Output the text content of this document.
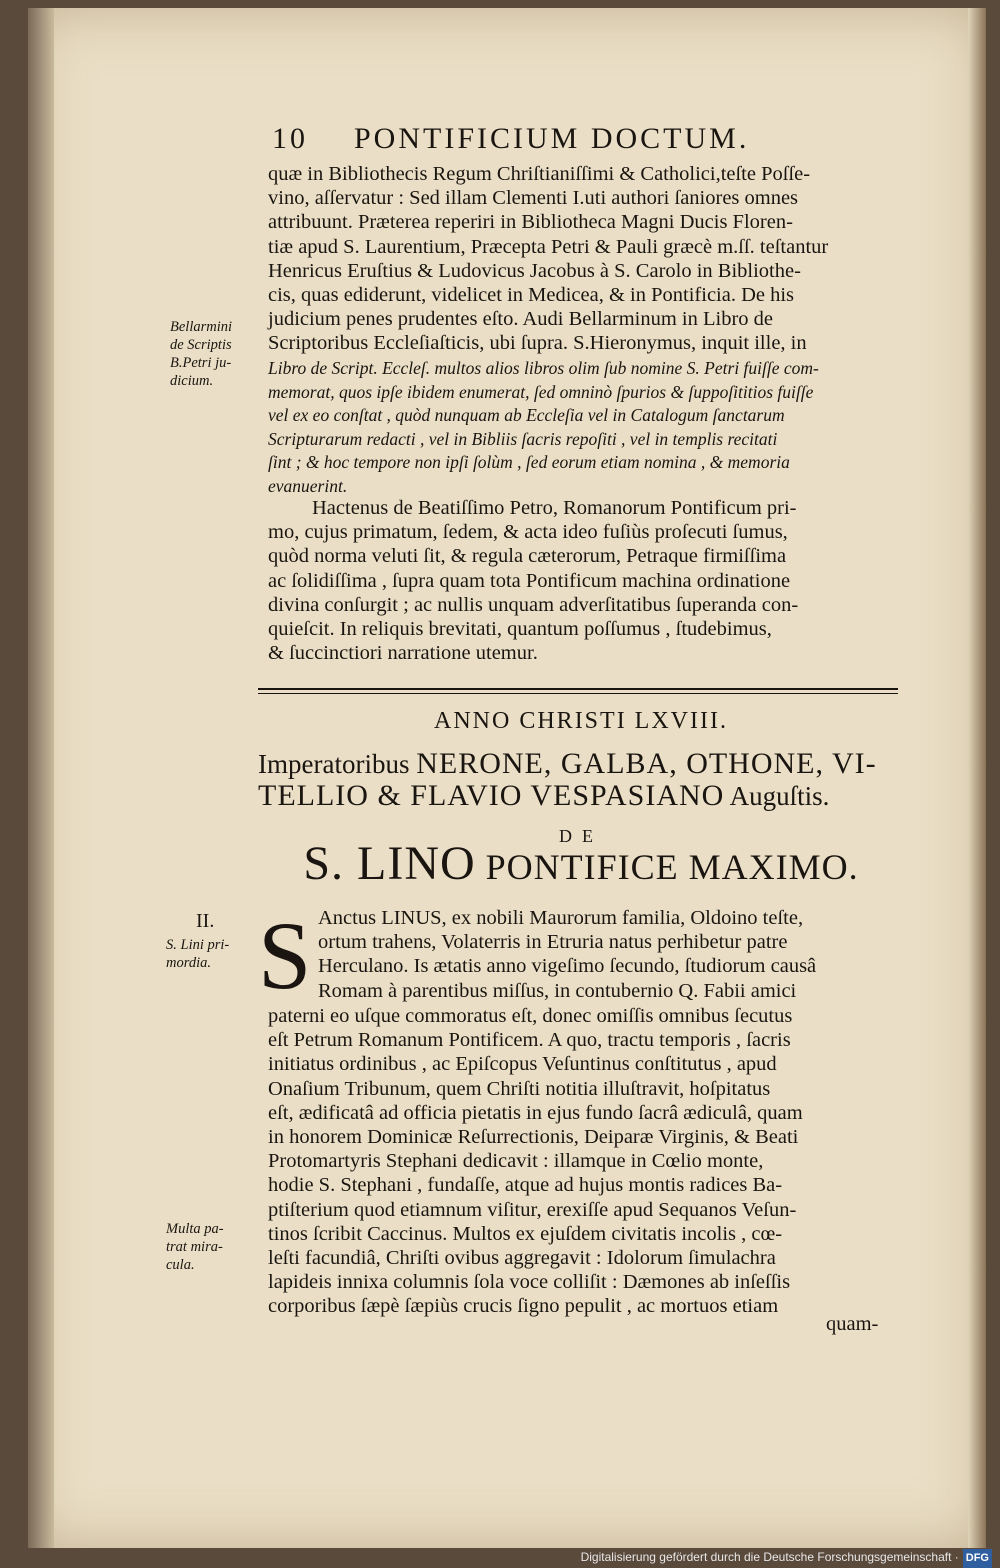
10 PONTIFICIUM DOCTUM.
quæ in Bibliothecis Regum Chriſtianiſſimi & Catholici,teſte Poſſe-
vino, aſſervatur : Sed illam Clementi I.uti authori ſaniores omnes
attribuunt. Præterea reperiri in Bibliotheca Magni Ducis Floren-
tiæ apud S. Laurentium, Præcepta Petri & Pauli græcè m.ſſ. teſtantur
Henricus Eruſtius & Ludovicus Jacobus à S. Carolo in Bibliothe-
cis, quas ediderunt, videlicet in Medicea, & in Pontificia. De his
judicium penes prudentes eſto. Audi Bellarminum in Libro de
Scriptoribus Eccleſiaſticis, ubi ſupra. S.Hieronymus, inquit ille, in
Libro de Script. Eccleſ. multos alios libros olim ſub nomine S. Petri fuiſſe com-
memorat, quos ipſe ibidem enumerat, ſed omninò ſpurios & ſuppoſititios fuiſſe
vel ex eo conſtat , quòd nunquam ab Eccleſia vel in Catalogum ſanctarum
Scripturarum redacti , vel in Bibliis ſacris repoſiti , vel in templis recitati
ſint ; & hoc tempore non ipſi ſolùm , ſed eorum etiam nomina , & memoria
evanuerint.
Bellarmini
de Scriptis
B.Petri ju-
dicium.
Hactenus de Beatiſſimo Petro, Romanorum Pontificum pri-
mo, cujus primatum, ſedem, & acta ideo fuſiùs proſecuti ſumus,
quòd norma veluti ſit, & regula cæterorum, Petraque firmiſſima
ac ſolidiſſima , ſupra quam tota Pontificum machina ordinatione
divina conſurgit ; ac nullis unquam adverſitatibus ſuperanda con-
quieſcit. In reliquis brevitati, quantum poſſumus , ſtudebimus,
& ſuccinctiori narratione utemur.
ANNO CHRISTI LXVIII.
Imperatoribus NERONE, GALBA, OTHONE, VI-
TELLIO & FLAVIO VESPASIANO Auguſtis.
DE
S. LINO PONTIFICE MAXIMO.
II.
S. Lini pri-
mordia. S Anctus LINUS, ex nobili Maurorum familia, Oldoino teſte,
ortum trahens, Volaterris in Etruria natus perhibetur patre
Herculano. Is ætatis anno vigeſimo ſecundo, ſtudiorum causâ
Romam à parentibus miſſus, in contubernio Q. Fabii amici
paterni eo uſque commoratus eſt, donec omiſſis omnibus ſecutus
eſt Petrum Romanum Pontificem. A quo, tractu temporis , ſacris
initiatus ordinibus , ac Epiſcopus Veſuntinus conſtitutus , apud
Onaſium Tribunum, quem Chriſti notitia illuſtravit, hoſpitatus
eſt, ædificatâ ad officia pietatis in ejus fundo ſacrâ ædiculâ, quam
in honorem Dominicæ Reſurrectionis, Deiparæ Virginis, & Beati
Protomartyris Stephani dedicavit : illamque in Cœlio monte,
hodie S. Stephani , fundaſſe, atque ad hujus montis radices Ba-
ptiſterium quod etiamnum viſitur, erexiſſe apud Sequanos Veſun-
tinos ſcribit Caccinus. Multos ex ejuſdem civitatis incolis , cœ-
leſti facundiâ, Chriſti ovibus aggregavit : Idolorum ſimulachra
lapideis innixa columnis ſola voce colliſit : Dæmones ab inſeſſis
corporibus ſæpè ſæpiùs crucis ſigno pepulit , ac mortuos etiam
Multa pa-
trat mira-
cula.
quam-
Digitalisierung gefördert durch die Deutsche Forschungsgemeinschaft · DFG
